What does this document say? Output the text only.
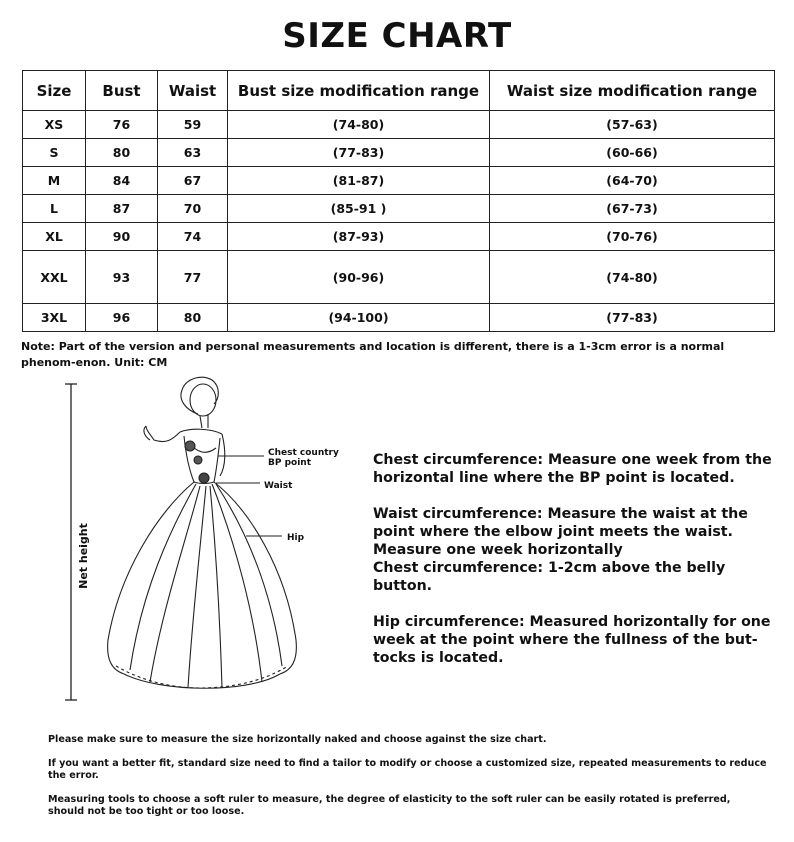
SIZE CHART
Size	Bust	Waist	Bust size modification range	Waist size modification range
XS	76	59	(74-80)	(57-63)
S	80	63	(77-83)	(60-66)
M	84	67	(81-87)	(64-70)
L	87	70	(85-91 )	(67-73)
XL	90	74	(87-93)	(70-76)
XXL	93	77	(90-96)	(74-80)
3XL	96	80	(94-100)	(77-83)
Note: Part of the version and personal measurements and location is different, there is a 1-3cm error is a normal phenom-enon. Unit: CM
Net height
Chest country
BP point
Waist
Hip

Chest circumference: Measure one week from the horizontal line where the BP point is located.

Waist circumference: Measure the waist at the point where the elbow joint meets the waist. Measure one week horizontally

Chest circumference: 1-2cm above the belly button.

Hip circumference: Measured horizontally for one week at the point where the fullness of the but-tocks is located.

Please make sure to measure the size horizontally naked and choose against the size chart.

If you want a better fit, standard size need to find a tailor to modify or choose a customized size, repeated measurements to reduce the error.

Measuring tools to choose a soft ruler to measure, the degree of elasticity to the soft ruler can be easily rotated is preferred, should not be too tight or too loose.
